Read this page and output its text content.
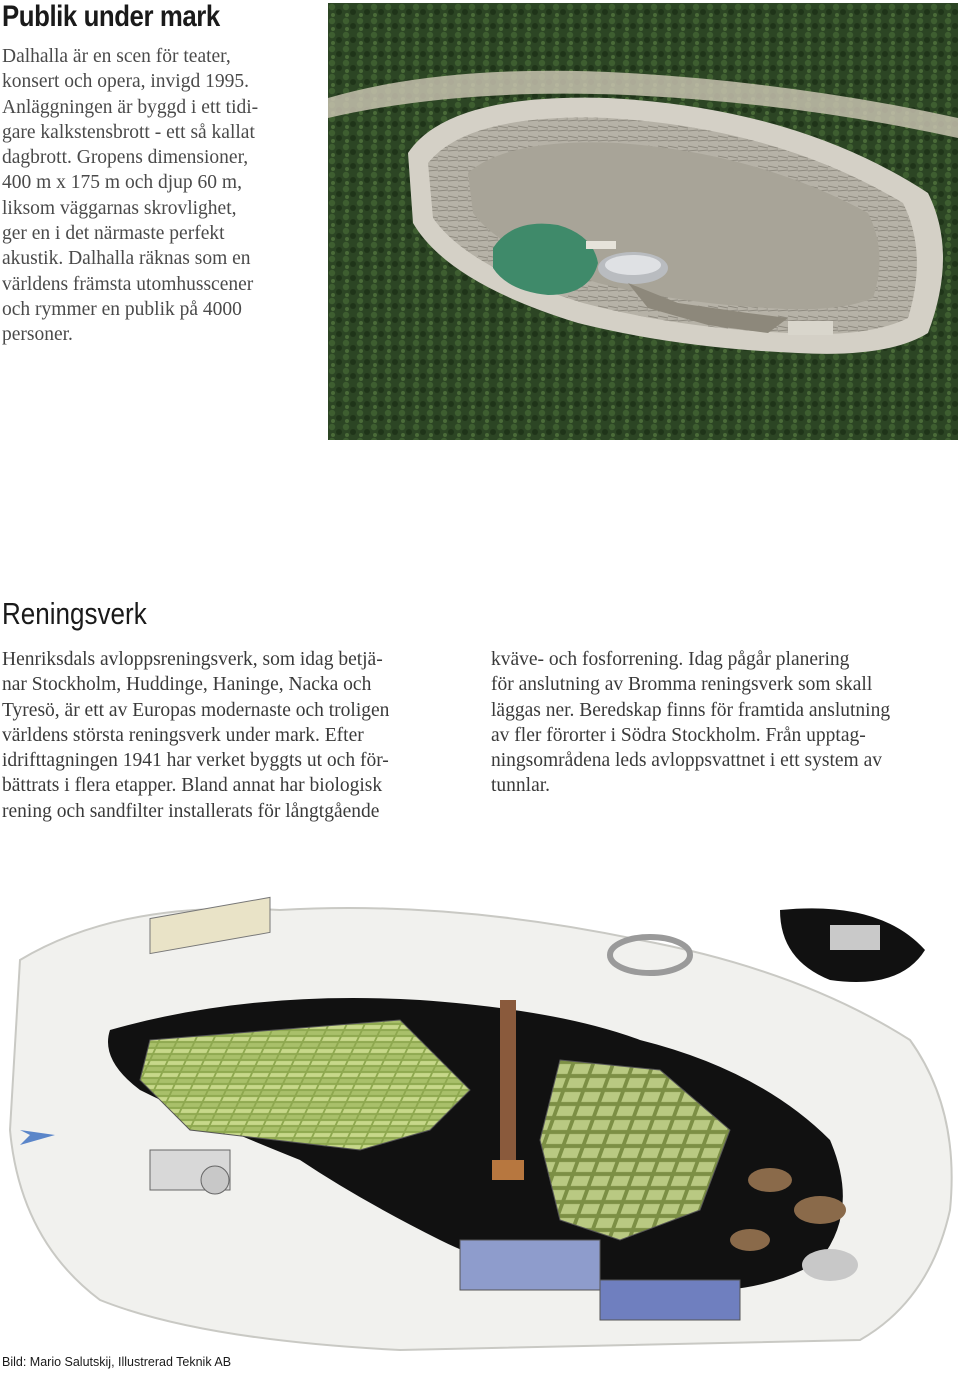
Publik under mark
Dalhalla är en scen för teater,
konsert och opera, invigd 1995.
Anläggningen är byggd i ett tidi-
gare kalkstensbrott - ett så kallat
dagbrott. Gropens dimensioner,
400 m x 175 m och djup 60 m,
liksom väggarnas skrovlighet,
ger en i det närmaste perfekt
akustik. Dalhalla räknas som en
världens främsta utomhusscener
och rymmer en publik på 4000
personer.
Reningsverk
Henriksdals avloppsreningsverk, som idag betjä-
nar Stockholm, Huddinge, Haninge, Nacka och
Tyresö, är ett av Europas modernaste och troligen
världens största reningsverk under mark. Efter
idrifttagningen 1941 har verket byggts ut och för-
bättrats i flera etapper. Bland annat har biologisk
rening och sandfilter installerats för långtgående
kväve- och fosforrening. Idag pågår planering
för anslutning av Bromma reningsverk som skall
läggas ner. Beredskap finns för framtida anslutning
av fler förorter i Södra Stockholm. Från upptag-
ningsområdena leds avloppsvattnet i ett system av
tunnlar.
Bild: Mario Salutskij, Illustrerad Teknik AB
